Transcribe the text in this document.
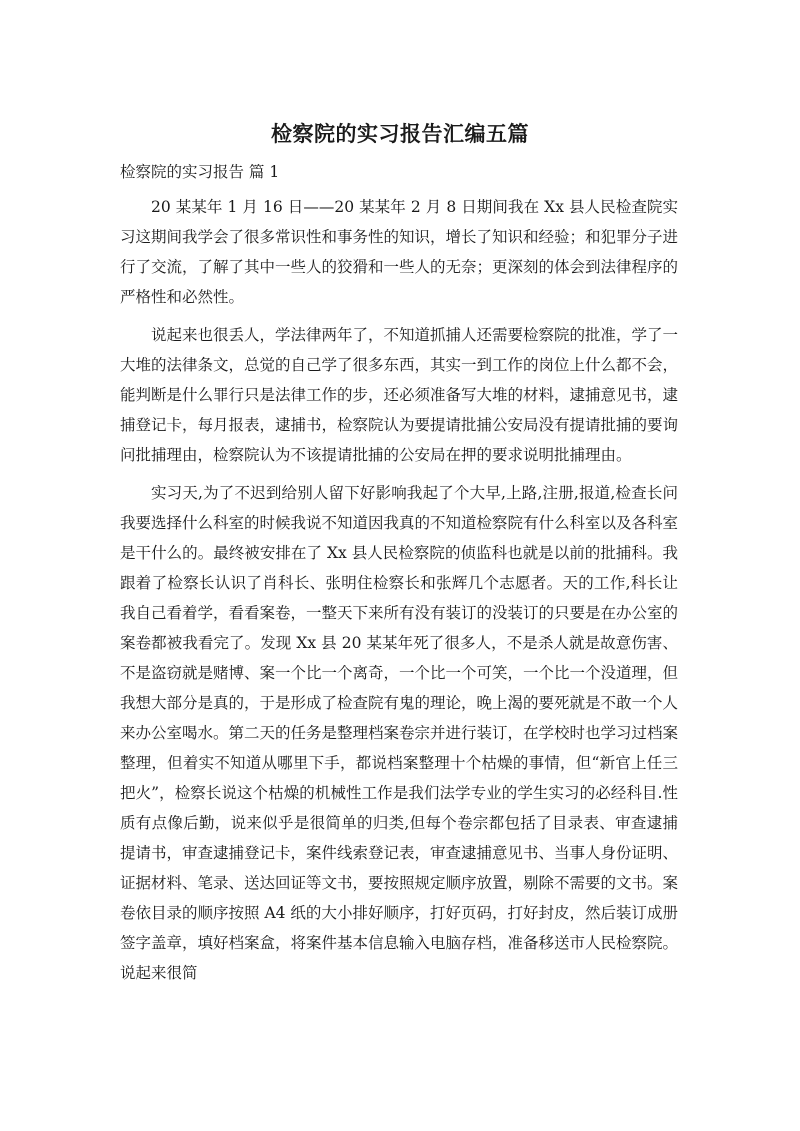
检察院的实习报告汇编五篇
检察院的实习报告 篇 1

20 某某年 1 月 16 日——20 某某年 2 月 8 日期间我在 Xx 县人民检查院实习这期间我学会了很多常识性和事务性的知识，增长了知识和经验；和犯罪分子进行了交流，了解了其中一些人的狡猾和一些人的无奈；更深刻的体会到法律程序的严格性和必然性。

说起来也很丢人，学法律两年了，不知道抓捕人还需要检察院的批准，学了一大堆的法律条文，总觉的自己学了很多东西，其实一到工作的岗位上什么都不会，能判断是什么罪行只是法律工作的步，还必须准备写大堆的材料，逮捕意见书，逮捕登记卡，每月报表，逮捕书，检察院认为要提请批捕公安局没有提请批捕的要询问批捕理由，检察院认为不该提请批捕的公安局在押的要求说明批捕理由。

实习天,为了不迟到给别人留下好影响我起了个大早,上路,注册,报道,检查长问我要选择什么科室的时候我说不知道因我真的不知道检察院有什么科室以及各科室是干什么的。最终被安排在了 Xx 县人民检察院的侦监科也就是以前的批捕科。我跟着了检察长认识了肖科长、张明住检察长和张辉几个志愿者。天的工作,科长让我自己看着学，看看案卷，一整天下来所有没有装订的没装订的只要是在办公室的案卷都被我看完了。发现 Xx 县 20 某某年死了很多人，不是杀人就是故意伤害、不是盗窃就是赌博、案一个比一个离奇，一个比一个可笑，一个比一个没道理，但我想大部分是真的，于是形成了检查院有鬼的理论，晚上渴的要死就是不敢一个人来办公室喝水。第二天的任务是整理档案卷宗并进行装订，在学校时也学习过档案整理，但着实不知道从哪里下手，都说档案整理十个枯燥的事情，但“新官上任三把火”，检察长说这个枯燥的机械性工作是我们法学专业的学生实习的必经科目.性质有点像后勤，说来似乎是很简单的归类,但每个卷宗都包括了目录表、审查逮捕提请书，审查逮捕登记卡，案件线索登记表，审查逮捕意见书、当事人身份证明、证据材料、笔录、送达回证等文书，要按照规定顺序放置，剔除不需要的文书。案卷依目录的顺序按照 A4 纸的大小排好顺序，打好页码，打好封皮，然后装订成册签字盖章，填好档案盒，将案件基本信息输入电脑存档，准备移送市人民检察院。说起来很简
